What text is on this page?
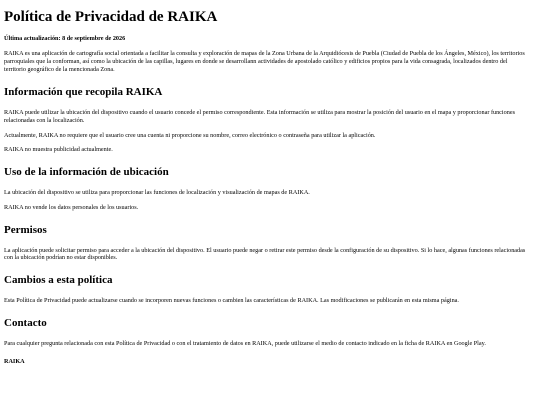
Política de Privacidad de RAIKA

Última actualización: 8 de septiembre de 2026

RAIKA es una aplicación de cartografía social orientada a facilitar la consulta y exploración de mapas de la Zona Urbana de la Arquidiócesis de Puebla (Ciudad de Puebla de los Ángeles, México), los territorios parroquiales que la conforman, así como la ubicación de las capillas, lugares en donde se desarrollann actividades de apostolado católico y edificios propios para la vida consagrada, localizados dentro del territorio geográfico de la mencionada Zona.

Información que recopila RAIKA

RAIKA puede utilizar la ubicación del dispositivo cuando el usuario concede el permiso correspondiente. Esta información se utiliza para mostrar la posición del usuario en el mapa y proporcionar funciones relacionadas con la localización.

Actualmente, RAIKA no requiere que el usuario cree una cuenta ni proporcione su nombre, correo electrónico o contraseña para utilizar la aplicación.

RAIKA no muestra publicidad actualmente.

Uso de la información de ubicación

La ubicación del dispositivo se utiliza para proporcionar las funciones de localización y visualización de mapas de RAIKA.

RAIKA no vende los datos personales de los usuarios.

Permisos

La aplicación puede solicitar permiso para acceder a la ubicación del dispositivo. El usuario puede negar o retirar este permiso desde la configuración de su dispositivo. Si lo hace, algunas funciones relacionadas con la ubicación podrían no estar disponibles.

Cambios a esta política

Esta Política de Privacidad puede actualizarse cuando se incorporen nuevas funciones o cambien las características de RAIKA. Las modificaciones se publicarán en esta misma página.

Contacto

Para cualquier pregunta relacionada con esta Política de Privacidad o con el tratamiento de datos en RAIKA, puede utilizarse el medio de contacto indicado en la ficha de RAIKA en Google Play.

RAIKA
